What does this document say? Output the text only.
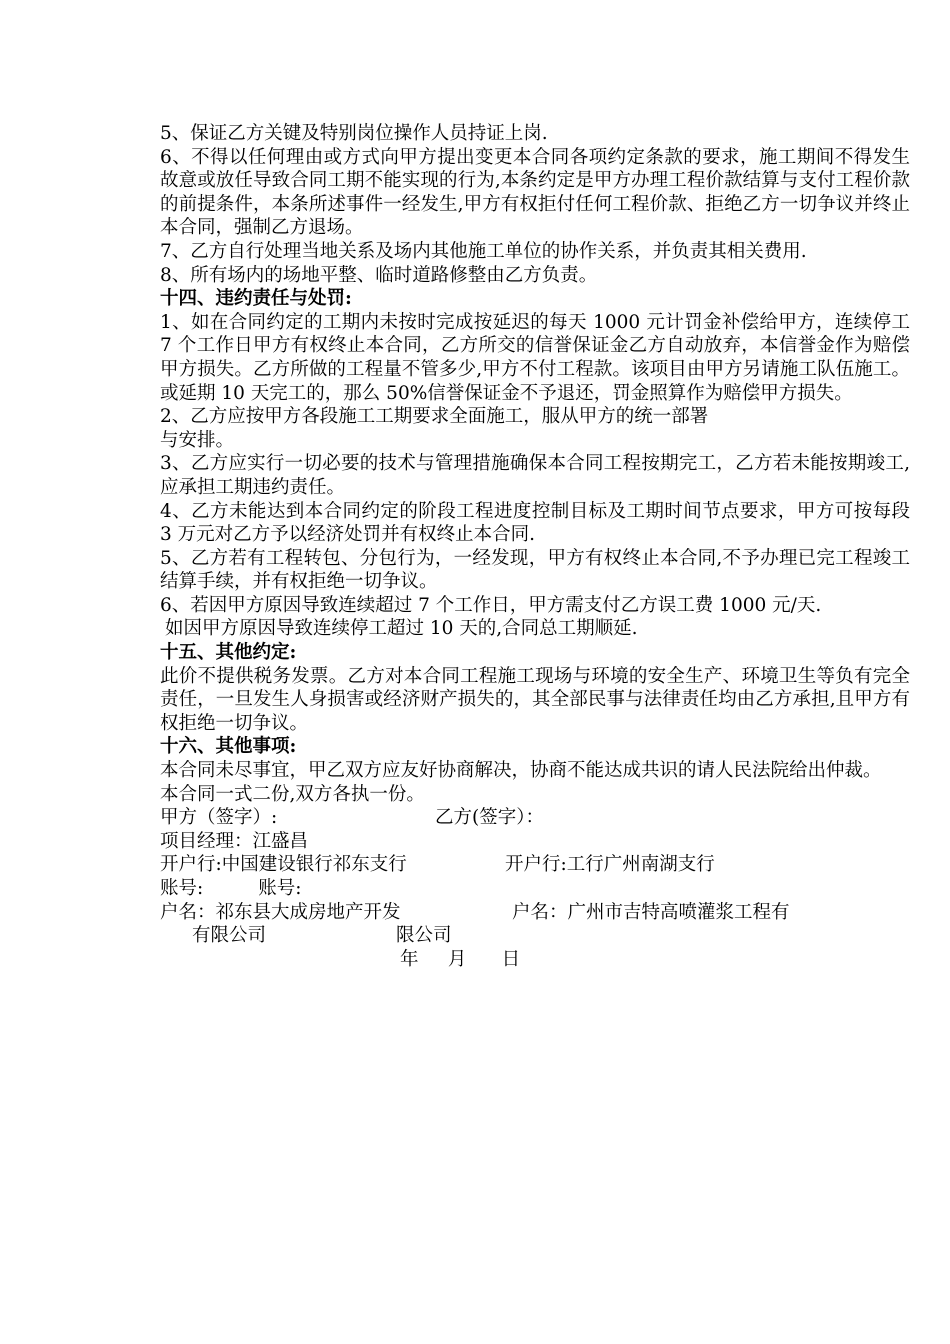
5、保证乙方关键及特别岗位操作人员持证上岗.

6、不得以任何理由或方式向甲方提出变更本合同各项约定条款的要求，施工期间不得发生故意或放任导致合同工期不能实现的行为,本条约定是甲方办理工程价款结算与支付工程价款的前提条件，本条所述事件一经发生,甲方有权拒付任何工程价款、拒绝乙方一切争议并终止本合同，强制乙方退场。

7、乙方自行处理当地关系及场内其他施工单位的协作关系，并负责其相关费用.

8、所有场内的场地平整、临时道路修整由乙方负责。

十四、违约责任与处罚:

1、如在合同约定的工期内未按时完成按延迟的每天 1000 元计罚金补偿给甲方，连续停工 7 个工作日甲方有权终止本合同，乙方所交的信誉保证金乙方自动放弃，本信誉金作为赔偿甲方损失。乙方所做的工程量不管多少,甲方不付工程款。该项目由甲方另请施工队伍施工。或延期 10 天完工的，那么 50%信誉保证金不予退还，罚金照算作为赔偿甲方损失。

2、乙方应按甲方各段施工工期要求全面施工，服从甲方的统一部署

与安排。

3、乙方应实行一切必要的技术与管理措施确保本合同工程按期完工，乙方若未能按期竣工,应承担工期违约责任。

4、乙方未能达到本合同约定的阶段工程进度控制目标及工期时间节点要求，甲方可按每段 3 万元对乙方予以经济处罚并有权终止本合同.

5、乙方若有工程转包、分包行为，一经发现，甲方有权终止本合同,不予办理已完工程竣工结算手续，并有权拒绝一切争议。

6、若因甲方原因导致连续超过 7 个工作日，甲方需支付乙方误工费 1000 元/天.

如因甲方原因导致连续停工超过 10 天的,合同总工期顺延.

十五、其他约定:

此价不提供税务发票。乙方对本合同工程施工现场与环境的安全生产、环境卫生等负有完全责任，一旦发生人身损害或经济财产损失的，其全部民事与法律责任均由乙方承担,且甲方有权拒绝一切争议。

十六、其他事项:

本合同未尽事宜，甲乙双方应友好协商解决，协商不能达成共识的请人民法院给出仲裁。

本合同一式二份,双方各执一份。

甲方（签字）:	乙方(签字）：
项目经理：江盛昌
开户行:中国建设银行祁东支行	开户行:工行广州南湖支行
账号:	账号:
户名：祁东县大成房地产开发	户名：广州市吉特高喷灌浆工程有
有限公司	限公司
年     月      日
